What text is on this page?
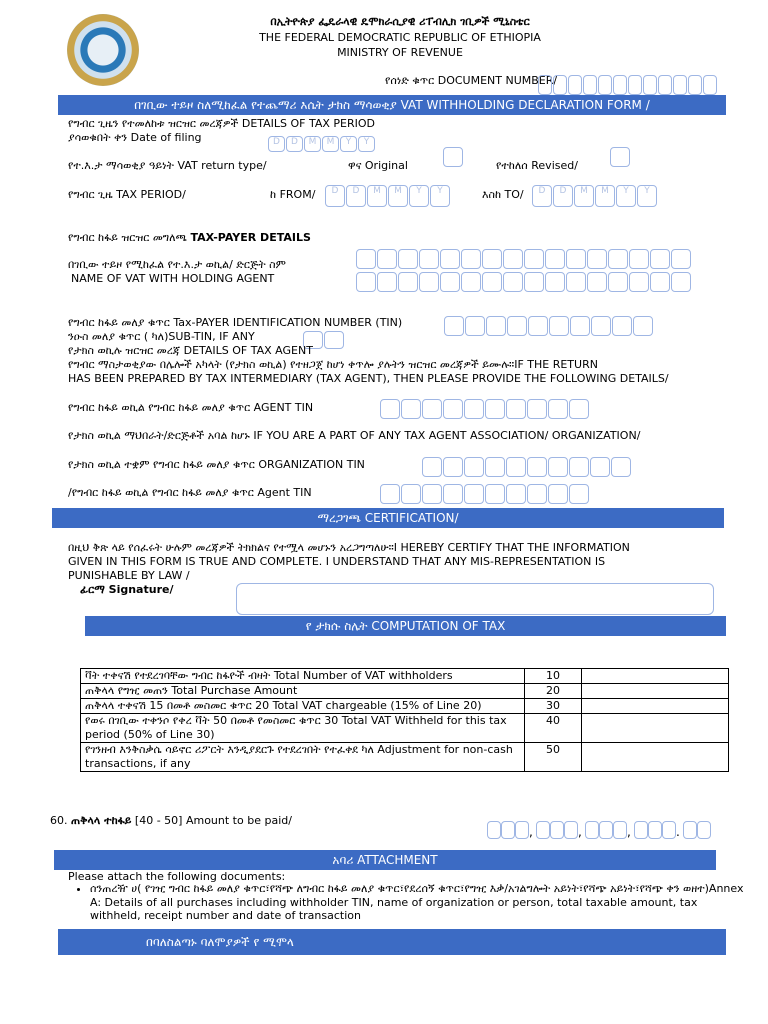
በኢትዮጵያ ፌዴራላዊ ዴሞክራሲያዊ ሪፐብሊክ ገቢዎች ሚኒስቴር
THE FEDERAL DEMOCRATIC REPUBLIC OF ETHIOPIA
MINISTRY OF REVENUE
የሰነድ ቁጥር DOCUMENT NUMBER/
በገቢው ተይዞ ስለሚከፈል የተጨማሪ እሴት ታክስ ማሳወቂያ VAT WITHHOLDING DECLARATION FORM /
የግብር ጊዜን የተመለከቱ ዝርዝር መረጃዎች DETAILS OF TAX PERIOD
ያሳወቁበት ቀን Date of filing	D	D	M	M	Y	Y
የተ.እ.ታ ማሳወቂያ ዓይነት VAT return type/	ዋና Original	የተከለሰ Revised/
የግብር ጊዜ TAX PERIOD/	ከ FROM/	D	D	M	M	Y	Y	እስከ TO/	D	D	M	M	Y	Y
የግብር ከፋይ ዝርዝር መግለጫ TAX-PAYER DETAILS
በገቢው ተይዞ የሚከፈል የተ.እ.ታ ወኪል/ ድርጅት ስም
NAME OF VAT WITH HOLDING AGENT
የግብር ከፋይ መለያ ቁጥር Tax-PAYER IDENTIFICATION NUMBER (TIN)
ንዑስ መለያ ቁጥር ( ካለ)SUB-TIN, IF ANY
የታክስ ወኪሉ ዝርዝር መረጃ DETAILS OF TAX AGENT
የግብር ማስታወቂያው በሌሎች አካላት (የታክስ ወኪል) የተዘጋጀ ከሆነ ቀጥሎ ያሉትን ዝርዝር መረጃዎች ይሙሉ።IF THE RETURN
HAS BEEN PREPARED BY TAX INTERMEDIARY (TAX AGENT), THEN PLEASE PROVIDE THE FOLLOWING DETAILS/
የግብር ከፋይ ወኪል የግብር ከፋይ መለያ ቁጥር AGENT TIN
የታክስ ወኪል ማህበራት/ድርጅቶች አባል ከሆኑ IF YOU ARE A PART OF ANY TAX AGENT ASSOCIATION/ ORGANIZATION/
የታክስ ወኪል ተቋም የግብር ከፋይ መለያ ቁጥር ORGANIZATION TIN
/የግብር ከፋይ ወኪል የግብር ከፋይ መለያ ቁጥር Agent TIN
ማረጋገጫ CERTIFICATION/
በዚህ ቅጽ ላይ የሰፈሩት ሁሉም መረጃዎች ትክክልና የተሟላ መሆኑን አረጋግጣለሁ።I HEREBY CERTIFY THAT THE INFORMATION
GIVEN IN THIS FORM IS TRUE AND COMPLETE. I UNDERSTAND THAT ANY MIS-REPRESENTATION IS
PUNISHABLE BY LAW /
ፊርማ Signature/
የ ታክሱ ስሌት COMPUTATION OF TAX
ቫት ተቀናሽ የተደረገባቸው ግብር ከፋዮች ብዛት Total Number of VAT withholders	10	
ጠቅላላ የግዢ መጠን Total Purchase Amount	20	
ጠቅላላ ተቀናሽ 15 በመቶ መስመር ቁጥር 20 Total VAT chargeable (15% of Line 20)	30	
የወሩ በገቢው ተቀንሶ የቀረ ቫት 50 በመቶ የመስመር ቁጥር 30 Total VAT Withheld for this tax period (50% of Line 30)	40	
የገንዘብ እንቅስቃሴ ሳይኖር ሪፖርት እንዲያደርጉ የተደረገበት የተፈቀደ ካለ Adjustment for non-cash transactions, if any	50	
60. ጠቅላላ ተከፋይ [40 - 50] Amount to be paid/
,	,	,	.
አባሪ ATTACHMENT
Please attach the following documents:
• ሰንጠረዥ ሀ( የገዢ ግብር ከፋይ መለያ ቁጥር፣የሻጭ ለግብር ከፋይ መለያ ቁጥር፣የደረሰኝ ቁጥር፣የግዢ እቃ/አገልግሎት አይነት፣የሻጭ አይነት፣የሻጭ ቀን ወዘተ)Annex A: Details of all purchases including withholder TIN, name of organization or person, total taxable amount, tax withheld, receipt number and date of transaction
በባለስልጣኑ ባለሞያዎች የ ሚሞላ
